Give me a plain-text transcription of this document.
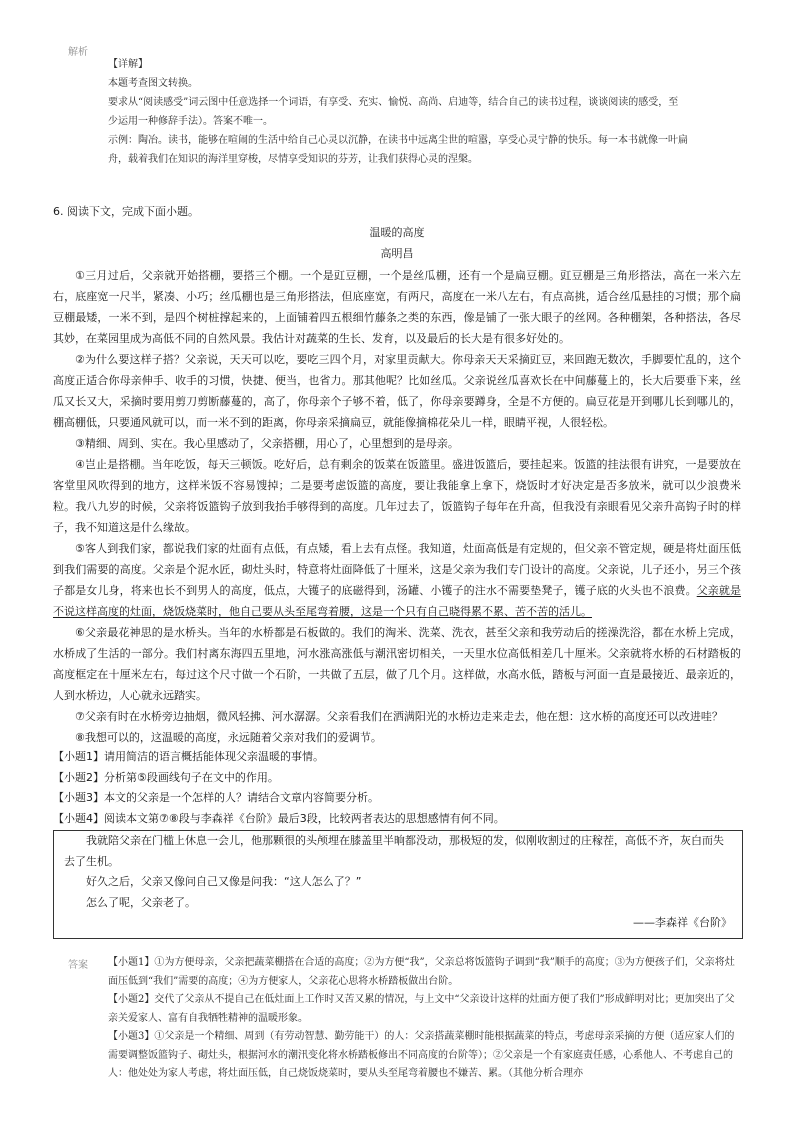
解析
【详解】
本题考查图文转换。
要求从“阅读感受”词云图中任意选择一个词语，有享受、充实、愉悦、高尚、启迪等，结合自己的读书过程，谈谈阅读的感受，至
少运用一种修辞手法）。答案不唯一。
示例：陶冶。读书，能够在喧闹的生活中给自己心灵以沉静，在读书中远离尘世的喧嚣，享受心灵宁静的快乐。每一本书就像一叶扁
舟，载着我们在知识的海洋里穿梭，尽情享受知识的芬芳，让我们获得心灵的涅槃。
6. 阅读下文，完成下面小题。
温暖的高度
高明昌

①三月过后，父亲就开始搭棚，要搭三个棚。一个是豇豆棚，一个是丝瓜棚，还有一个是扁豆棚。豇豆棚是三角形搭法，高在一米六左右，底座宽一尺半，紧凑、小巧；丝瓜棚也是三角形搭法，但底座宽，有两尺，高度在一米八左右，有点高挑，适合丝瓜悬挂的习惯；那个扁豆棚最矮，一米不到，是四个树桩撑起来的，上面铺着四五根细竹藤条之类的东西，像是铺了一张大眼子的丝网。各种棚架，各种搭法，各尽其妙，在菜园里成为高低不同的自然风景。我估计对蔬菜的生长、发育，以及最后的长大是有很多好处的。

②为什么要这样子搭？父亲说，天天可以吃，要吃三四个月，对家里贡献大。你母亲天天采摘豇豆，来回跑无数次，手脚要忙乱的，这个高度正适合你母亲伸手、收手的习惯，快捷、便当，也省力。那其他呢？比如丝瓜。父亲说丝瓜喜欢长在中间藤蔓上的，长大后要垂下来，丝瓜又长又大，采摘时要用剪刀剪断藤蔓的，高了，你母亲个子够不着，低了，你母亲要蹲身，全是不方便的。扁豆花是开到哪儿长到哪儿的，棚高棚低，只要通风就可以，而一米不到的距离，你母亲采摘扁豆，就能像摘棉花朵儿一样，眼睛平视，人很轻松。

③精细、周到、实在。我心里感动了，父亲搭棚，用心了，心里想到的是母亲。

④岂止是搭棚。当年吃饭，每天三顿饭。吃好后，总有剩余的饭菜在饭篮里。盛进饭篮后，要挂起来。饭篮的挂法很有讲究，一是要放在客堂里风吹得到的地方，这样米饭不容易馊掉；二是要考虑饭篮的高度，要让我能拿上拿下，烧饭时才好决定是否多放米，就可以少浪费米粒。我八九岁的时候，父亲将饭篮钩子放到我抬手够得到的高度。几年过去了，饭篮钩子每年在升高，但我没有亲眼看见父亲升高钩子时的样子，我不知道这是什么缘故。

⑤客人到我们家，都说我们家的灶面有点低，有点矮，看上去有点怪。我知道，灶面高低是有定规的，但父亲不管定规，硬是将灶面压低到我们需要的高度。父亲是个泥水匠，砌灶头时，特意将灶面降低了十厘米，这是父亲为我们专门设计的高度。父亲说，儿子还小，另三个孩子都是女儿身，将来也长不到男人的高度，低点，大镬子的底磁得到，汤罐、小镬子的注水不需要垫凳子，镬子底的火头也不浪费。父亲就是不说这样高度的灶面，烧饭烧菜时，他自己要从头至尾弯着腰，这是一个只有自己晓得累不累、苦不苦的活儿。

⑥父亲最花神思的是水桥头。当年的水桥都是石板做的。我们的淘米、洗菜、洗衣，甚至父亲和我劳动后的搓澡洗浴，都在水桥上完成，水桥成了生活的一部分。我们村离东海四五里地，河水涨高涨低与潮汛密切相关，一天里水位高低相差几十厘米。父亲就将水桥的石材踏板的高度框定在十厘米左右，每过这个尺寸做一个石阶，一共做了五层，做了几个月。这样做，水高水低，踏板与河面一直是最接近、最亲近的，人到水桥边，人心就永远踏实。

⑦父亲有时在水桥旁边抽烟，微风轻拂、河水潺潺。父亲看我们在洒满阳光的水桥边走来走去，他在想：这水桥的高度还可以改进哇？

⑧我想可以的，这温暖的高度，永远随着父亲对我们的爱调节。

【小题1】请用简洁的语言概括能体现父亲温暖的事情。
【小题2】分析第⑤段画线句子在文中的作用。
【小题3】本文的父亲是一个怎样的人？请结合文章内容简要分析。
【小题4】阅读本文第⑦⑧段与李森祥《台阶》最后3段，比较两者表达的思想感情有何不同。
我就陪父亲在门槛上休息一会儿，他那颗很的头颅埋在膝盖里半晌都没动，那极短的发，似刚收割过的庄稼茬，高低不齐，灰白而失去了生机。
好久之后，父亲又像问自己又像是问我：“这人怎么了？”
怎么了呢，父亲老了。
——李森祥《台阶》
答案 【小题1】①为方便母亲，父亲把蔬菜棚搭在合适的高度；②为方便“我”，父亲总将饭篮钩子调到“我”顺手的高度；③为方便孩子们，父亲将灶面压低到“我们”需要的高度；④为方便家人，父亲花心思将水桥踏板做出台阶。

【小题2】交代了父亲从不提自己在低灶面上工作时又苦又累的情况，与上文中“父亲设计这样的灶面方便了我们”形成鲜明对比；更加突出了父亲关爱家人、富有自我牺牲精神的温暖形象。

【小题3】①父亲是一个精细、周到（有劳动智慧、勤劳能干）的人：父亲搭蔬菜棚时能根据蔬菜的特点，考虑母亲采摘的方便（适应家人们的需要调整饭篮钩子、砌灶头，根据河水的潮汛变化将水桥踏板修出不同高度的台阶等）；②父亲是一个有家庭责任感，心系他人、不考虑自己的人：他处处为家人考虑，将灶面压低，自己烧饭烧菜时，要从头至尾弯着腰也不嫌苦、累。（其他分析合理亦
